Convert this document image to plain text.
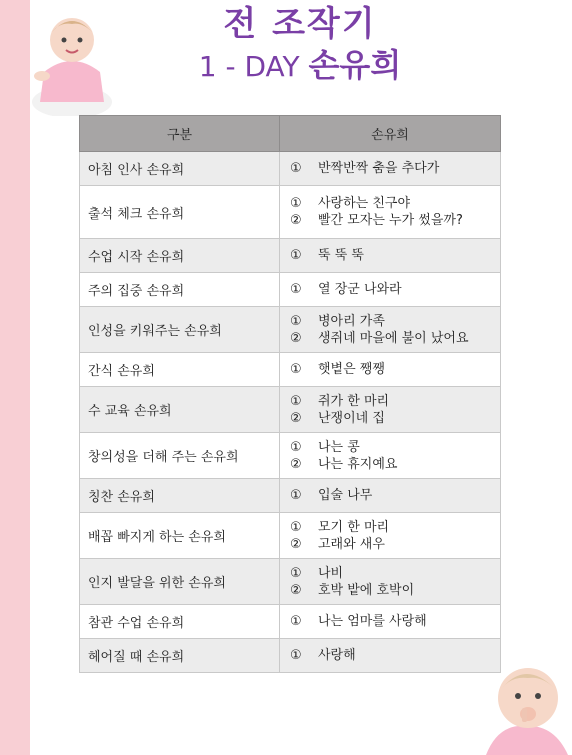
전 조작기
1 - DAY 손유희
구분	손유희
아침 인사 손유희	① 반짝반짝 춤을 추다가

출석 체크 손유희	① 사랑하는 친구야
② 빨간 모자는 누가 썼을까?

수업 시작 손유희	① 뚝 뚝 뚝

주의 집중 손유희	① 열 장군 나와라

인성을 키워주는 손유희	① 병아리 가족
② 생쥐네 마을에 불이 났어요

간식 손유희	① 햇볕은 쨍쨍

수 교육 손유희	① 쥐가 한 마리
② 난쟁이네 집

창의성을 더해 주는 손유희	① 나는 콩
② 나는 휴지예요

칭찬 손유희	① 입술 나무

배꼽 빠지게 하는 손유희	① 모기 한 마리
② 고래와 새우

인지 발달을 위한 손유희	① 나비
② 호박 밭에 호박이

참관 수업 손유희	① 나는 엄마를 사랑해

헤어질 때 손유희	① 사랑해
